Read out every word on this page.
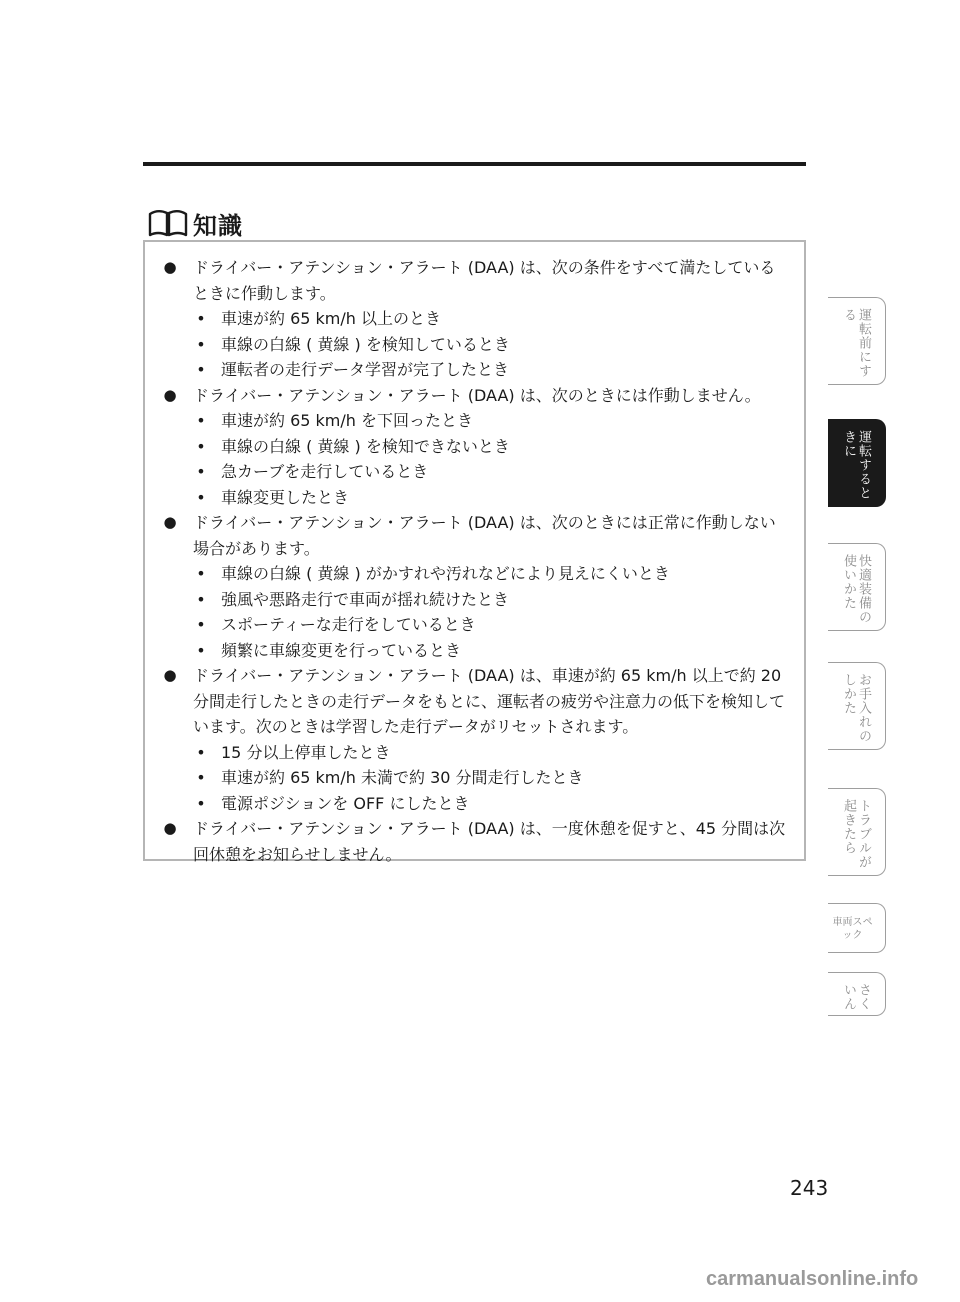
知識
●	ドライバー・アテンション・アラート (DAA) は、次の条件をすべて満たしているときに作動します。
• 車速が約 65 km/h 以上のとき
• 車線の白線 ( 黄線 ) を検知しているとき
• 運転者の走行データ学習が完了したとき
●	ドライバー・アテンション・アラート (DAA) は、次のときには作動しません。
• 車速が約 65 km/h を下回ったとき
• 車線の白線 ( 黄線 ) を検知できないとき
• 急カーブを走行しているとき
• 車線変更したとき
●	ドライバー・アテンション・アラート (DAA) は、次のときには正常に作動しない場合があります。
• 車線の白線 ( 黄線 ) がかすれや汚れなどにより見えにくいとき
• 強風や悪路走行で車両が揺れ続けたとき
• スポーティーな走行をしているとき
• 頻繁に車線変更を行っているとき
●	ドライバー・アテンション・アラート (DAA) は、車速が約 65 km/h 以上で約 20 分間走行したときの走行データをもとに、運転者の疲労や注意力の低下を検知しています。次のときは学習した走行データがリセットされます。
• 15 分以上停車したとき
• 車速が約 65 km/h 未満で約 30 分間走行したとき
• 電源ポジションを OFF にしたとき
●	ドライバー・アテンション・アラート (DAA) は、一度休憩を促すと、45 分間は次回休憩をお知らせしません。
運転前にする
運転するときに
快適装備の使いかた
お手入れのしかた
トラブルが起きたら
車両スペック
さくいん
243
carmanualsonline.info
